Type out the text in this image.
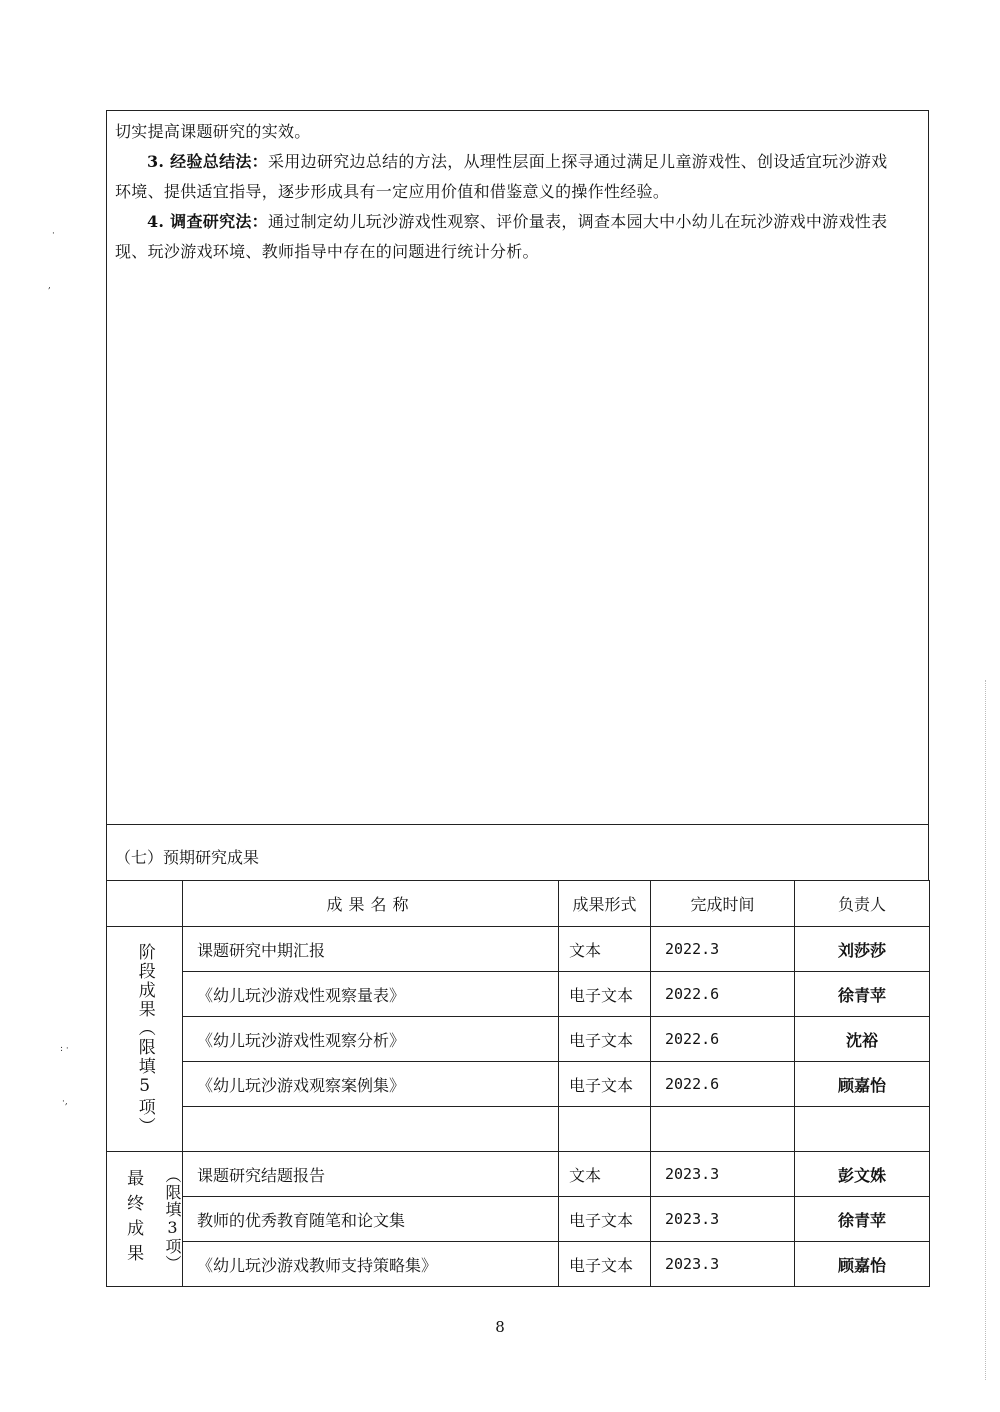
·
,
: ·
·,
切实提高课题研究的实效。
3. 经验总结法：采用边研究边总结的方法，从理性层面上探寻通过满足儿童游戏性、创设适宜玩沙游戏
环境、提供适宜指导，逐步形成具有一定应用价值和借鉴意义的操作性经验。
4. 调查研究法：通过制定幼儿玩沙游戏性观察、评价量表，调查本园大中小幼儿在玩沙游戏中游戏性表
现、玩沙游戏环境、教师指导中存在的问题进行统计分析。
（七）预期研究成果
	成果名称	成果形式	完成时间	负责人

阶段成果（限填5项）	课题研究中期汇报	文本	2022.3	刘莎莎
	《幼儿玩沙游戏性观察量表》	电子文本	2022.6	徐青苹
	《幼儿玩沙游戏性观察分析》	电子文本	2022.6	沈裕
	《幼儿玩沙游戏观察案例集》	电子文本	2022.6	顾嘉怡

最终成果 （限填3项）	课题研究结题报告	文本	2023.3	彭文姝
	教师的优秀教育随笔和论文集	电子文本	2023.3	徐青苹
	《幼儿玩沙游戏教师支持策略集》	电子文本	2023.3	顾嘉怡
8
